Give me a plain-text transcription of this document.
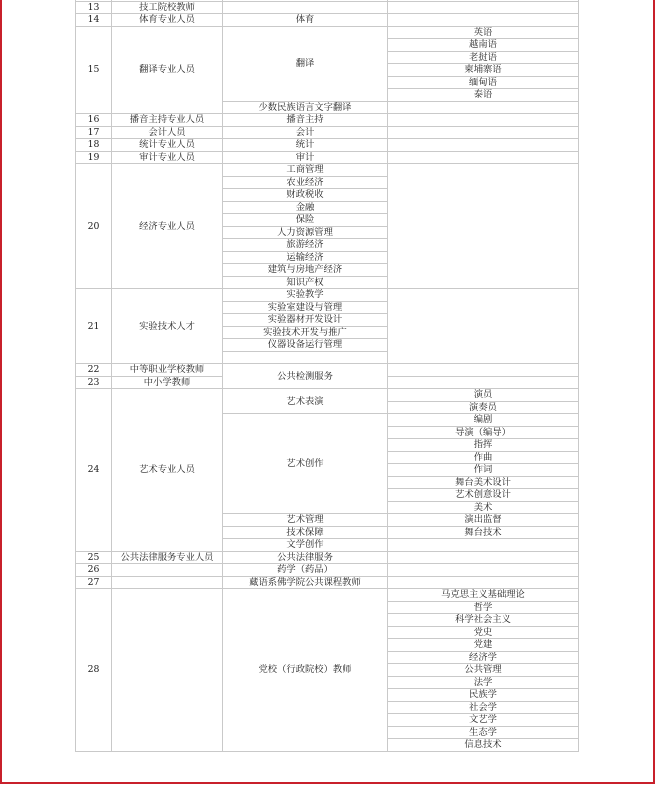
13	技工院校教师		
14	体育专业人员	体育	
15	翻译专业人员	翻译	英语
			越南语
			老挝语
			柬埔寨语
			缅甸语
			泰语
		少数民族语言文字翻译	
16	播音主持专业人员	播音主持	
17	会计人员	会计	
18	统计专业人员	统计	
19	审计专业人员	审计	
20	经济专业人员	工商管理	
		农业经济	
		财政税收	
		金融	
		保险	
		人力资源管理	
		旅游经济	
		运输经济	
		建筑与房地产经济	
		知识产权	
21	实验技术人才	实验教学	
		实验室建设与管理	
		实验器材开发设计	
		实验技术开发与推广	
		仪器设备运行管理	

22	中等职业学校教师	公共检测服务	
23	中小学教师		
24	艺术专业人员	艺术表演	演员
			演奏员
		艺术创作	编剧
			导演（编导）
			指挥
			作曲
			作词
			舞台美术设计
			艺术创意设计
			美术
		艺术管理	演出监督
		技术保障	舞台技术
		文学创作	
25	公共法律服务专业人员	公共法律服务	
26		药学（药品）	
27		藏语系佛学院公共课程教师	
28		党校（行政院校）教师	马克思主义基础理论
			哲学
			科学社会主义
			党史
			党建
			经济学
			公共管理
			法学
			民族学
			社会学
			文艺学
			生态学
			信息技术
